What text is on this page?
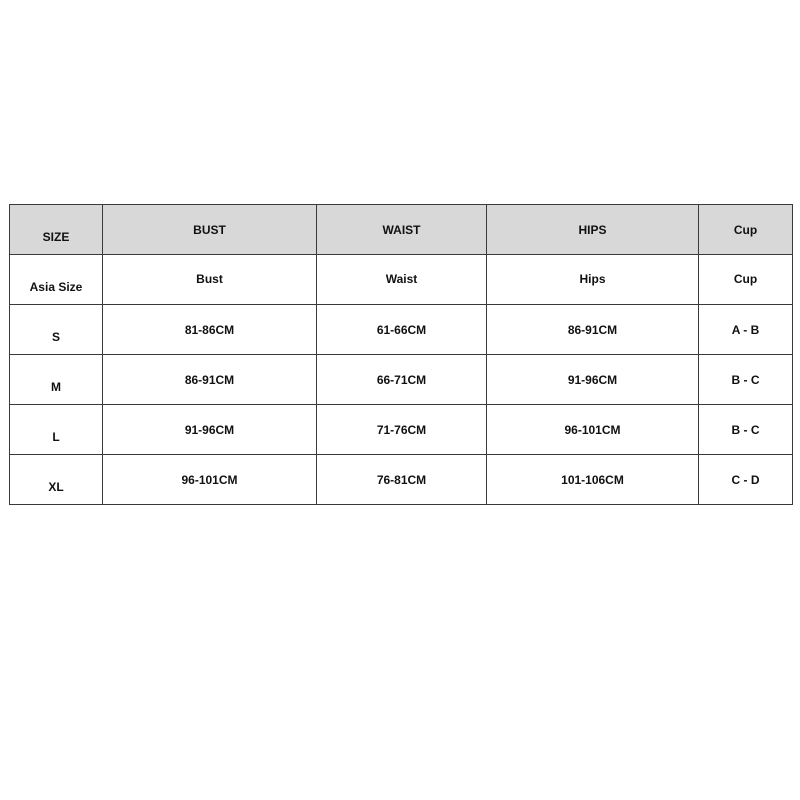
SIZE	BUST	WAIST	HIPS	Cup
Asia Size	Bust	Waist	Hips	Cup
S	81-86CM	61-66CM	86-91CM	A - B
M	86-91CM	66-71CM	91-96CM	B - C
L	91-96CM	71-76CM	96-101CM	B - C
XL	96-101CM	76-81CM	101-106CM	C - D
